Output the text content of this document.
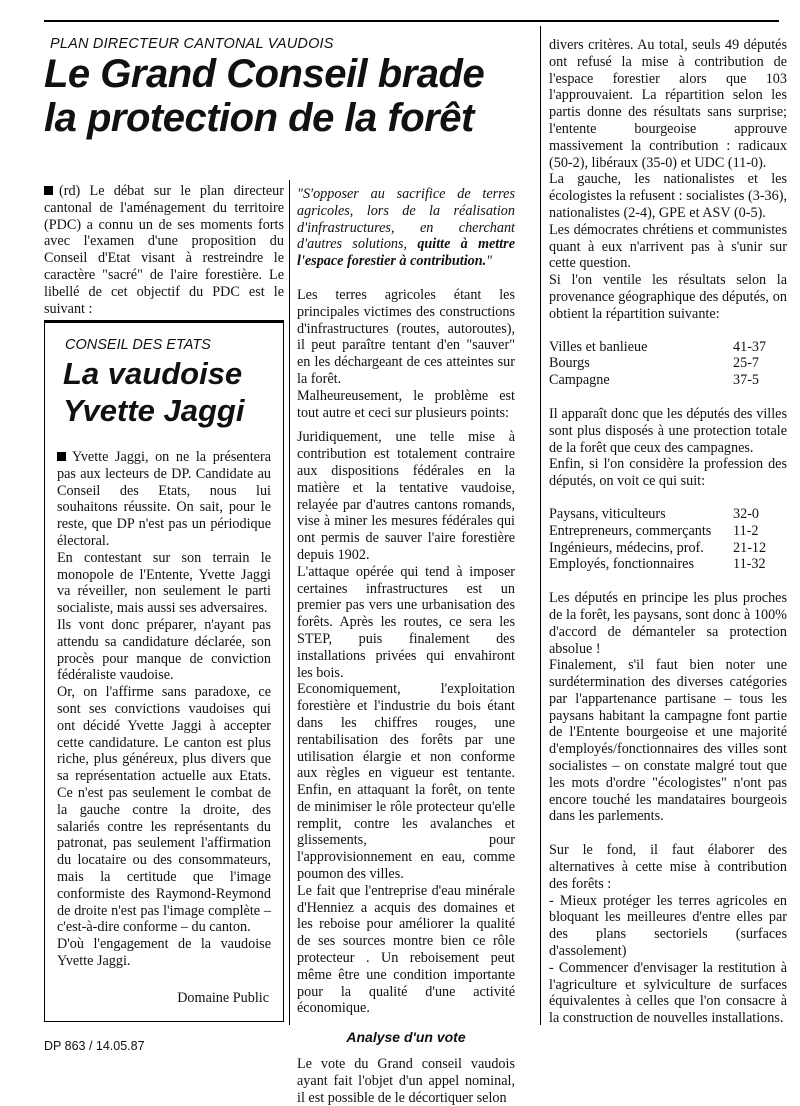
PLAN DIRECTEUR CANTONAL VAUDOIS
Le Grand Conseil brade
la protection de la forêt

(rd) Le débat sur le plan directeur cantonal de l'aménagement du territoire (PDC) a connu un de ses moments forts avec l'examen d'une proposition du Conseil d'Etat visant à restreindre le caractère "sacré" de l'aire forestière. Le libellé de cet objectif du PDC est le suivant :

CONSEIL DES ETATS
La vaudoise
Yvette Jaggi

Yvette Jaggi, on ne la présentera pas aux lecteurs de DP. Candidate au Conseil des Etats, nous lui souhaitons réussite. On sait, pour le reste, que DP n'est pas un périodique électoral.

En contestant sur son terrain le monopole de l'Entente, Yvette Jaggi va réveiller, non seulement le parti socialiste, mais aussi ses adversaires.

Ils vont donc préparer, n'ayant pas attendu sa candidature déclarée, son procès pour manque de conviction fédéraliste vaudoise.

Or, on l'affirme sans paradoxe, ce sont ses convictions vaudoises qui ont décidé Yvette Jaggi à accepter cette candidature. Le canton est plus riche, plus généreux, plus divers que sa représentation actuelle aux Etats. Ce n'est pas seulement le combat de la gauche contre la droite, des salariés contre les représentants du patronat, pas seulement l'affirmation du locataire ou des consommateurs, mais la certitude que l'image conformiste des Raymond-Reymond de droite n'est pas l'image complète – c'est-à-dire conforme – du canton.

D'où l'engagement de la vaudoise Yvette Jaggi.

Domaine Public

"S'opposer au sacrifice de terres agricoles, lors de la réalisation d'infrastructures, en cherchant d'autres solutions, quitte à mettre l'espace forestier à contribution."

Les terres agricoles étant les principales victimes des constructions d'infrastructures (routes, autoroutes), il peut paraître tentant d'en "sauver" en les déchargeant de ces atteintes sur la forêt.

Malheureusement, le problème est tout autre et ceci sur plusieurs points:

Juridiquement, une telle mise à contribution est totalement contraire aux dispositions fédérales en la matière et la tentative vaudoise, relayée par d'autres cantons romands, vise à miner les mesures fédérales qui ont permis de sauver l'aire forestière depuis 1902.

L'attaque opérée qui tend à imposer certaines infrastructures est un premier pas vers une urbanisation des forêts. Après les routes, ce sera les STEP, puis finalement des installations privées qui envahiront les bois.

Economiquement, l'exploitation forestière et l'industrie du bois étant dans les chiffres rouges, une rentabilisation des forêts par une utilisation élargie et non conforme aux règles en vigueur est tentante. Enfin, en attaquant la forêt, on tente de minimiser le rôle protecteur qu'elle remplit, contre les avalanches et glissements, pour l'approvisionnement en eau, comme poumon des villes.

Le fait que l'entreprise d'eau minérale d'Henniez a acquis des domaines et les reboise pour améliorer la qualité de ses sources montre bien ce rôle protecteur . Un reboisement peut même être une condition importante pour la qualité d'une activité économique.

Analyse d'un vote

Le vote du Grand conseil vaudois ayant fait l'objet d'un appel nominal, il est possible de le décortiquer selon

divers critères. Au total, seuls 49 députés ont refusé la mise à contribution de l'espace forestier alors que 103 l'approuvaient. La répartition selon les partis donne des résultats sans surprise; l'entente bourgeoise approuve massivement la contribution : radicaux (50-2), libéraux (35-0) et UDC (11-0).

La gauche, les nationalistes et les écologistes la refusent : socialistes (3-36), nationalistes (2-4), GPE et ASV (0-5).

Les démocrates chrétiens et communistes quant à eux n'arrivent pas à s'unir sur cette question.

Si l'on ventile les résultats selon la provenance géographique des députés, on obtient la répartition suivante:

Villes et banlieue	41-37
Bourgs	25-7
Campagne	37-5

Il apparaît donc que les députés des villes sont plus disposés à une protection totale de la forêt que ceux des campagnes.

Enfin, si l'on considère la profession des députés, on voit ce qui suit:

Paysans, viticulteurs	32-0
Entrepreneurs, commerçants	11-2
Ingénieurs, médecins, prof.	21-12
Employés, fonctionnaires	11-32

Les députés en principe les plus proches de la forêt, les paysans, sont donc à 100% d'accord de démanteler sa protection absolue !

Finalement, s'il faut bien noter une surdétermination des diverses catégories par l'appartenance partisane – tous les paysans habitant la campagne font partie de l'Entente bourgeoise et une majorité d'employés/fonctionnaires des villes sont socialistes – on constate malgré tout que les mots d'ordre "écologistes" n'ont pas encore touché les mandataires bourgeois dans les parlements.

Sur le fond, il faut élaborer des alternatives à cette mise à contribution des forêts :

- Mieux protéger les terres agricoles en bloquant les meilleures d'entre elles par des plans sectoriels (surfaces d'assolement)

- Commencer d'envisager la restitution à l'agriculture et sylviculture de surfaces équivalentes à celles que l'on consacre à la construction de nouvelles installations.

DP 863 / 14.05.87
